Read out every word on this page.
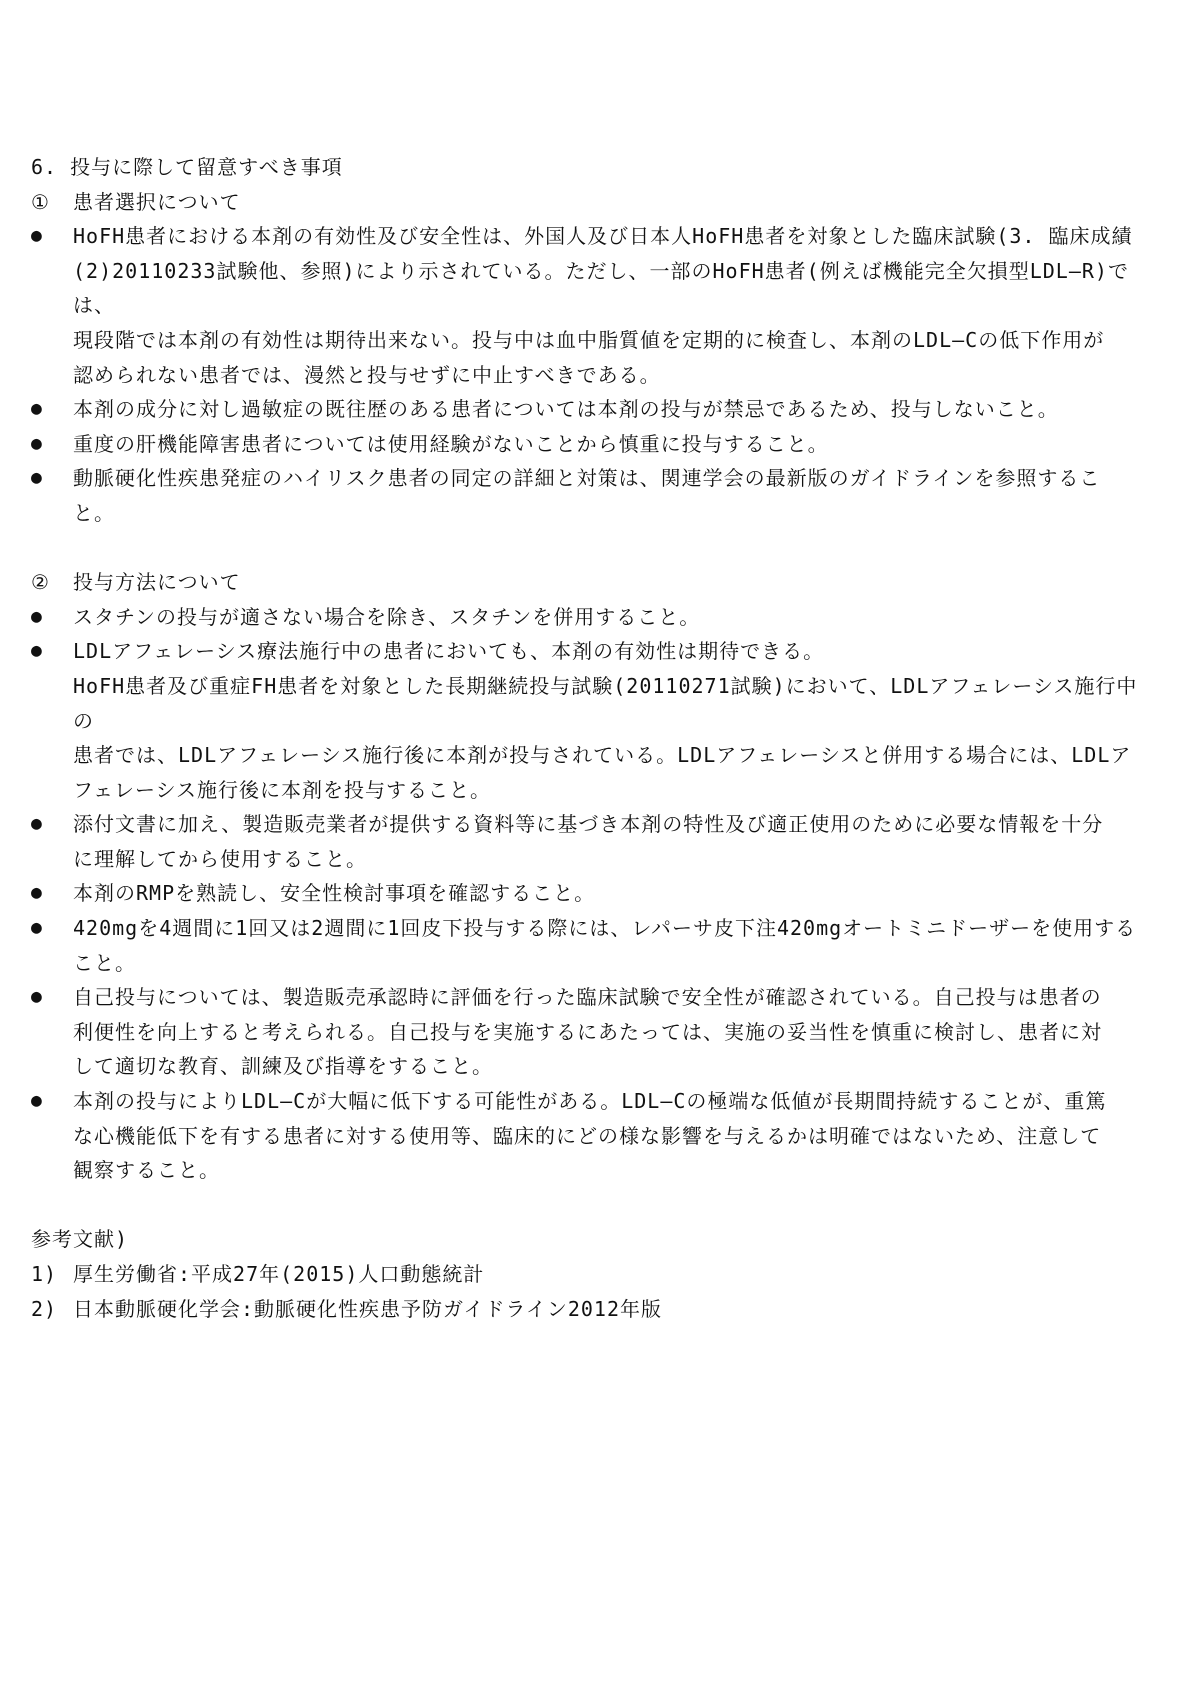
6. 投与に際して留意すべき事項
①	患者選択について
●	HoFH患者における本剤の有効性及び安全性は、外国人及び日本人HoFH患者を対象とした臨床試験(3. 臨床成績
(2)20110233試験他、参照)により示されている。ただし、一部のHoFH患者(例えば機能完全欠損型LDL―R)では、
現段階では本剤の有効性は期待出来ない。投与中は血中脂質値を定期的に検査し、本剤のLDL―Cの低下作用が
認められない患者では、漫然と投与せずに中止すべきである。
●	本剤の成分に対し過敏症の既往歴のある患者については本剤の投与が禁忌であるため、投与しないこと。
●	重度の肝機能障害患者については使用経験がないことから慎重に投与すること。
●	動脈硬化性疾患発症のハイリスク患者の同定の詳細と対策は、関連学会の最新版のガイドラインを参照するこ
と。
②	投与方法について
●	スタチンの投与が適さない場合を除き、スタチンを併用すること。
●	LDLアフェレーシス療法施行中の患者においても、本剤の有効性は期待できる。
HoFH患者及び重症FH患者を対象とした長期継続投与試験(20110271試験)において、LDLアフェレーシス施行中の
患者では、LDLアフェレーシス施行後に本剤が投与されている。LDLアフェレーシスと併用する場合には、LDLア
フェレーシス施行後に本剤を投与すること。
●	添付文書に加え、製造販売業者が提供する資料等に基づき本剤の特性及び適正使用のために必要な情報を十分
に理解してから使用すること。
●	本剤のRMPを熟読し、安全性検討事項を確認すること。
●	420mgを4週間に1回又は2週間に1回皮下投与する際には、レパーサ皮下注420mgオートミニドーザーを使用する
こと。
●	自己投与については、製造販売承認時に評価を行った臨床試験で安全性が確認されている。自己投与は患者の
利便性を向上すると考えられる。自己投与を実施するにあたっては、実施の妥当性を慎重に検討し、患者に対
して適切な教育、訓練及び指導をすること。
●	本剤の投与によりLDL―Cが大幅に低下する可能性がある。LDL―Cの極端な低値が長期間持続することが、重篤
な心機能低下を有する患者に対する使用等、臨床的にどの様な影響を与えるかは明確ではないため、注意して
観察すること。
参考文献)
1) 厚生労働省:平成27年(2015)人口動態統計
2) 日本動脈硬化学会:動脈硬化性疾患予防ガイドライン2012年版
